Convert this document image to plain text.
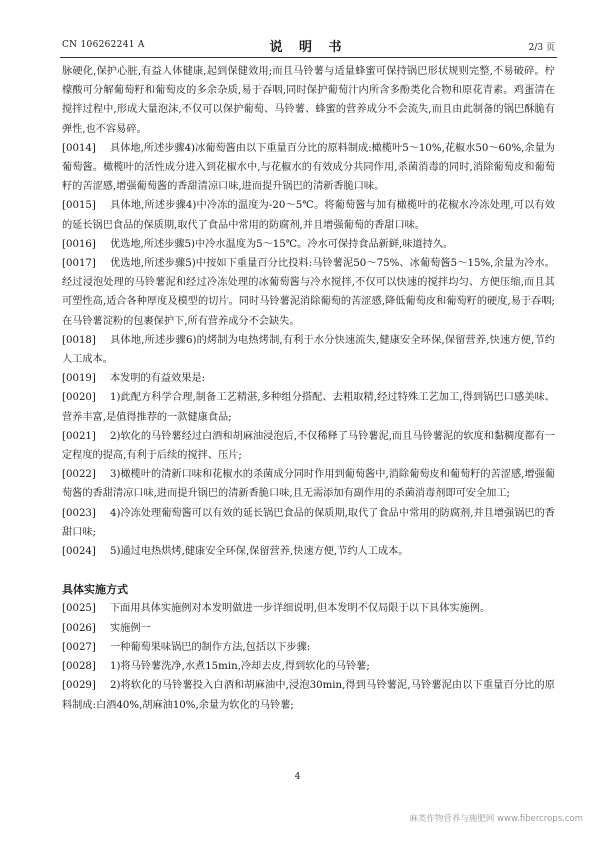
CN 106262241 A	说 明 书	2/3 页

脉硬化,保护心脏,有益人体健康,起到保健效用;而且马铃薯与适量蜂蜜可保持锅巴形状规则完整,不易破碎。柠檬酸可分解葡萄籽和葡萄皮的多余杂质,易于吞咽,同时保护葡萄汁内所含多酚类化合物和原花青素。鸡蛋清在搅拌过程中,形成大量泡沫,不仅可以保护葡萄、马铃薯、蜂蜜的营养成分不会流失,而且由此制备的锅巴酥脆有弹性,也不容易碎。

[0014] 具体地,所述步骤4)冰葡萄酱由以下重量百分比的原料制成:橄榄叶5～10%,花椒水50～60%,余量为葡萄酱。橄榄叶的活性成分进入到花椒水中,与花椒水的有效成分共同作用,杀菌消毒的同时,消除葡萄皮和葡萄籽的苦涩感,增强葡萄酱的香甜清凉口味,进而提升锅巴的清新香脆口味。

[0015] 具体地,所述步骤4)中冷冻的温度为-20～5℃。将葡萄酱与加有橄榄叶的花椒水冷冻处理,可以有效的延长锅巴食品的保质期,取代了食品中常用的防腐剂,并且增强葡萄的香甜口味。

[0016] 优选地,所述步骤5)中冷水温度为5～15℃。冷水可保持食品新鲜,味道持久。

[0017] 优选地,所述步骤5)中按如下重量百分比投料:马铃薯泥50～75%、冰葡萄酱5～15%,余量为冷水。经过浸泡处理的马铃薯泥和经过冷冻处理的冰葡萄酱与冷水搅拌,不仅可以快速的搅拌均匀、方便压缩,而且其可塑性高,适合各种厚度及模型的切片。同时马铃薯泥消除葡萄的苦涩感,降低葡萄皮和葡萄籽的硬度,易于吞咽;在马铃薯淀粉的包裹保护下,所有营养成分不会缺失。

[0018] 具体地,所述步骤6)的烤制为电热烤制,有利于水分快速流失,健康安全环保,保留营养,快速方便,节约人工成本。

[0019] 本发明的有益效果是:

[0020] 1)此配方科学合理,制备工艺精湛,多种组分搭配、去粗取精,经过特殊工艺加工,得到锅巴口感美味、营养丰富,是值得推荐的一款健康食品;

[0021] 2)软化的马铃薯经过白酒和胡麻油浸泡后,不仅稀释了马铃薯泥,而且马铃薯泥的软度和黏稠度都有一定程度的提高,有利于后续的搅拌、压片;

[0022] 3)橄榄叶的清新口味和花椒水的杀菌成分同时作用到葡萄酱中,消除葡萄皮和葡萄籽的苦涩感,增强葡萄酱的香甜清凉口味,进而提升锅巴的清新香脆口味,且无需添加有副作用的杀菌消毒剂即可安全加工;

[0023] 4)冷冻处理葡萄酱可以有效的延长锅巴食品的保质期,取代了食品中常用的防腐剂,并且增强锅巴的香甜口味;

[0024] 5)通过电热烘烤,健康安全环保,保留营养,快速方便,节约人工成本。

具体实施方式

[0025] 下面用具体实施例对本发明做进一步详细说明,但本发明不仅局限于以下具体实施例。

[0026] 实施例一

[0027] 一种葡萄果味锅巴的制作方法,包括以下步骤:

[0028] 1)将马铃薯洗净,水煮15min,冷却去皮,得到软化的马铃薯;

[0029] 2)将软化的马铃薯投入白酒和胡麻油中,浸泡30min,得到马铃薯泥,马铃薯泥由以下重量百分比的原料制成:白酒40%,胡麻油10%,余量为软化的马铃薯;

4
麻类作物营养与施肥网 www.fibercrops.com
